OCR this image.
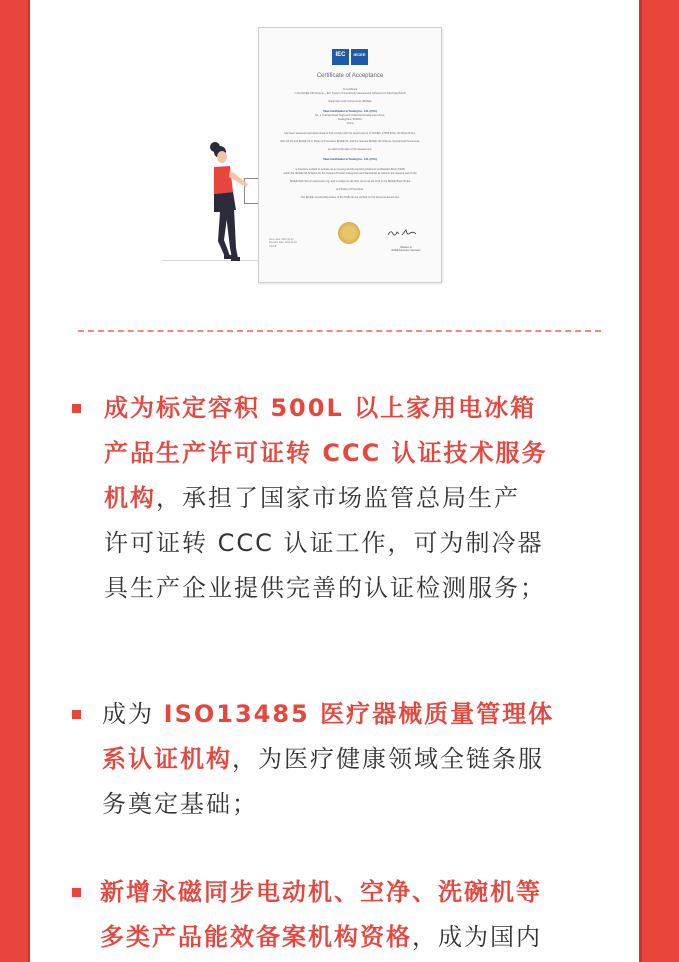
IEC	IECEE
Certificate of Acceptance
To certificate
in the IECEE CB Scheme – IEC System of Conformity Assessment Schemes for Electrotechnical
Equipment and Components (IECEE)
Vkan Certification & Testing Co., Ltd. (CVC)
No. 1 Yuehuiji Road, High-tech Industrial Development Zone,
Guangzhou, 510663,
China
has been assessed and determined to fully comply with the requirements of ISO/IEC 17065:2012, the Basic Rules,
IEC-CA-01 and IECEE 01-3, Rules of Procedure IECEE 02, and the relevant IECEE OD Scheme Operational Documents
as valid at the date of the assessment.
Vkan Certification & Testing Co., Ltd. (CVC)
is therefore entitled to operate as an Issuing and Recognizing National Certification Body (NCB)
within the IECEE CB Scheme for the Scopes (Product Categories and Standards) as listed in the relevant part of the
IECEE Web Site at www.iecee.org, and is subject to all other terms as set forth in the IECEE Basic Rules
and Rules of Procedure.
The IECEE membership status of the NCB can be verified on the aforementioned site.
Issue date: 2021-11-10
Revision date: 2021-11-10
CA/CB	Weiwei Liu
IECEE Executive Secretary
成为标定容积 500L 以上家用电冰箱
产品生产许可证转 CCC 认证技术服务
机构，承担了国家市场监管总局生产
许可证转 CCC 认证工作，可为制冷器
具生产企业提供完善的认证检测服务；
成为 ISO13485 医疗器械质量管理体
系认证机构，为医疗健康领域全链条服
务奠定基础；
新增永磁同步电动机、空净、洗碗机等
多类产品能效备案机构资格，成为国内
